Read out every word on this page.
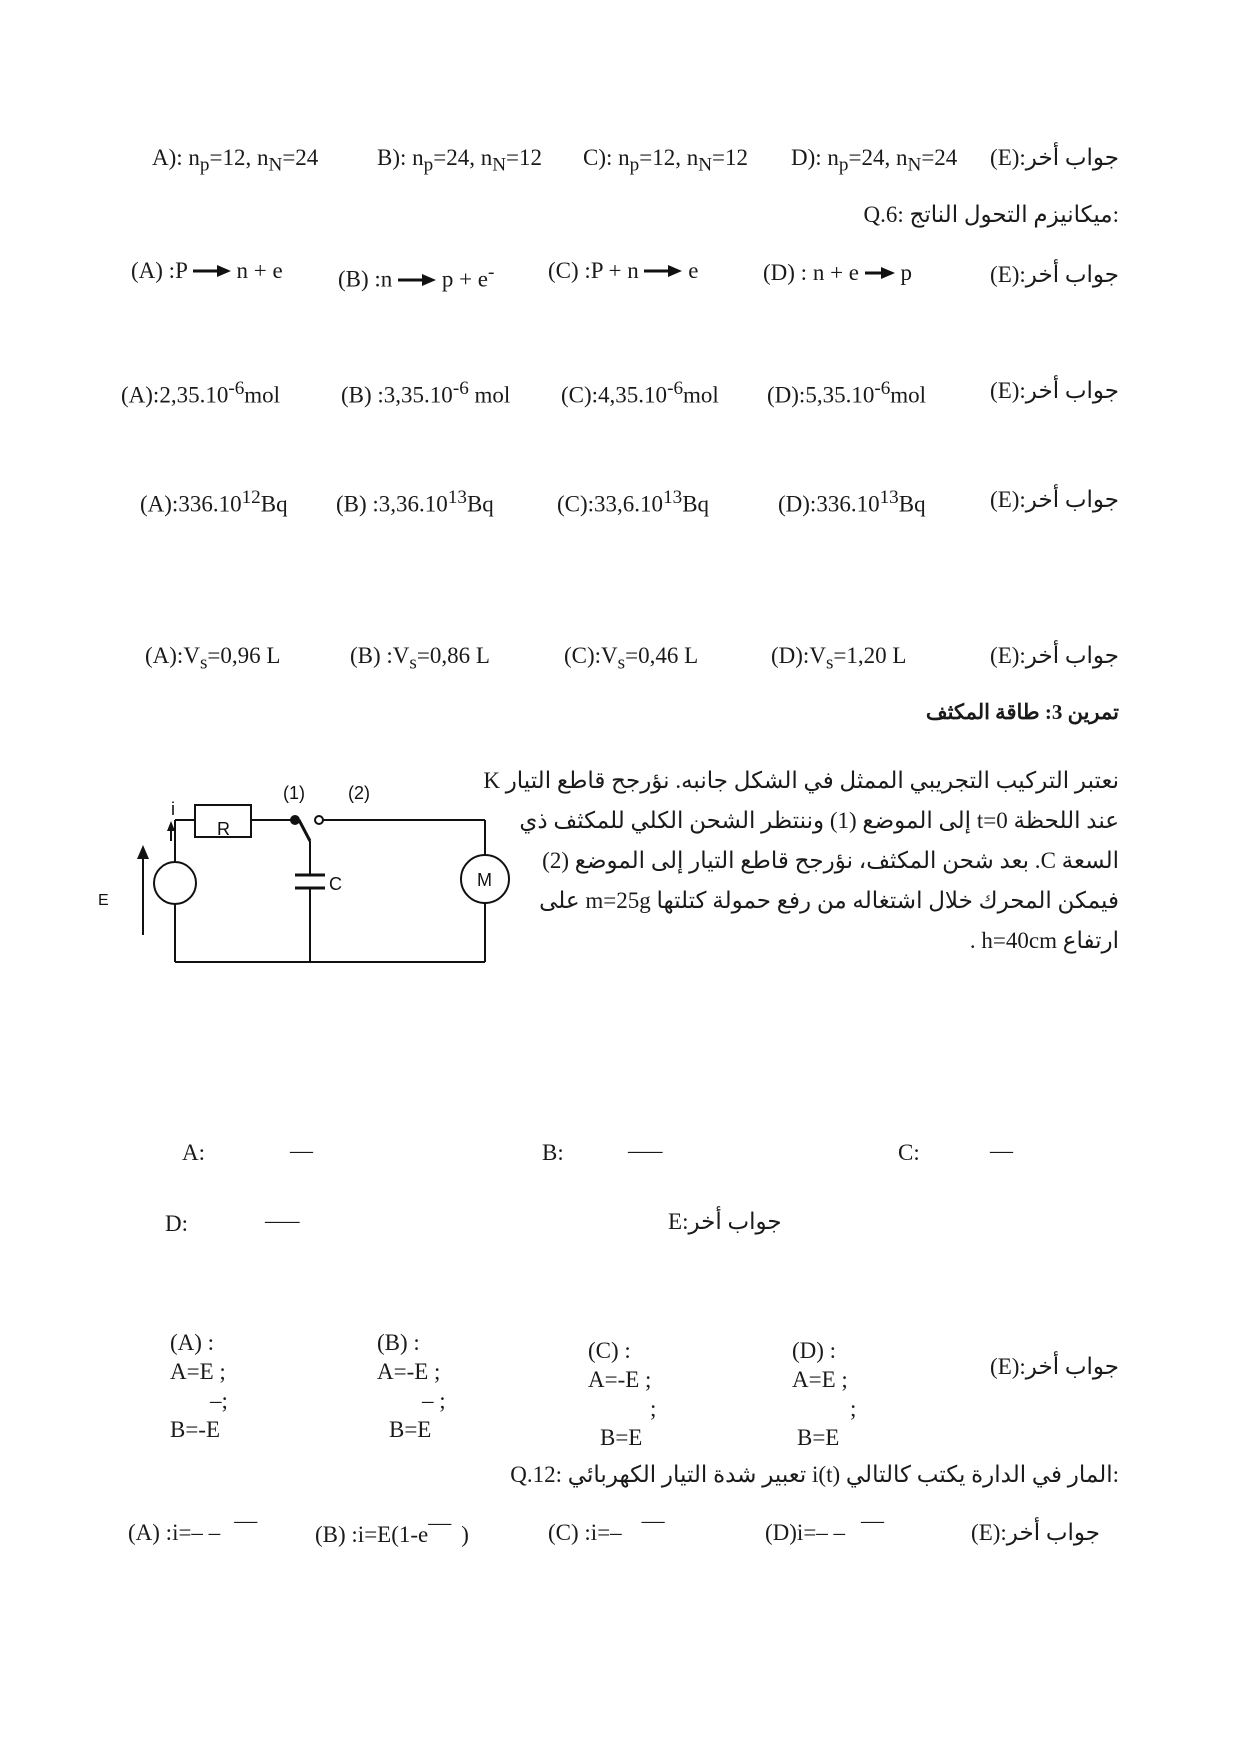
A): $n_p=12$, $n_N=24$	B): $n_p=24$, $n_N=12$ C): $n_p=12$, $n_N=12$ D): $n_p=24$, $n_N=24$ جواب أخر:(E)
Q.6: ميكانيزم التحول الناتج:
(A) :P  n + e (B) :n  p + e- (C) :P + n  e	(D) : n + e  p	جواب أخر:(E)
$(A):2,35.10^{-6}mol$	(B) $:3,35.10^{-6}$ mol $(C):4,35.10^{-6}mol$ $(D):5,35.10^{-6}mol$	جواب أخر:(E)
(A):336.10$^{12}$Bq (B) :3,36.10$^{13}$Bq	(C):33,6.10$^{13}$Bq	(D):336.10$^{13}$Bq	جواب أخر:(E)
$(A):V_s=0,96$ L	(B) $:V_s=0,86$ L	$(C):V_s=0,46$ L	$(D):V_s=1,20$ L	جواب أخر:(E)
تمرين 3: طاقة المكثف
(1) (2)
i
R
C	M
E
نعتبر التركيب التجريبي الممثل في الشكل جانبه. نؤرجح قاطع التيار K
عند اللحظة t=0 إلى الموضع (1) وننتظر الشحن الكلي للمكثف ذي
السعة C. بعد شحن المكثف، نؤرجح قاطع التيار إلى الموضع (2)
فيمكن المحرك خلال اشتغاله من رفع حمولة كتلتها m=25g على
ارتفاع h=40cm .
A:	—	B:	–—	C:	—
D:	–—	جواب أخر:E
(A) :
A=E ;
–;
B=-E
(B) :
A=-E ;
– ;
B=E
(C) :
A=-E ;
;
B=E
(D) :
A=E ;
;
B=E
جواب أخر:(E)
Q.12: تعبير شدة التيار الكهربائي i(t) المار في الدارة يكتب كالتالي:
(A) :i=– – —
(B) :i=E(1-e— )	(C) :i=– —	(D)i=– – —	جواب أخر:(E)
